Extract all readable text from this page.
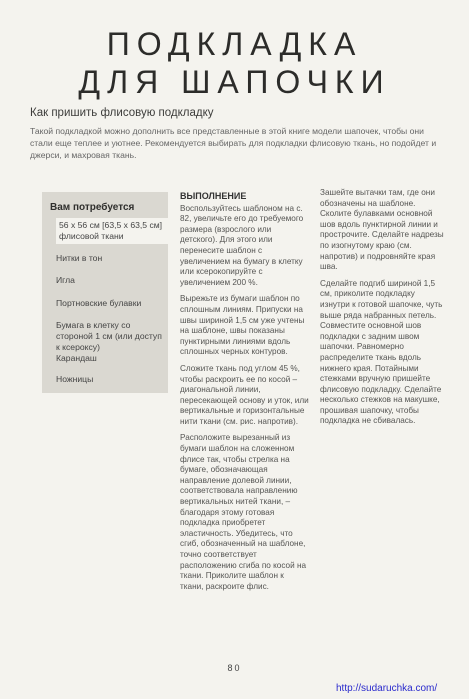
ПОДКЛАДКА
ДЛЯ ШАПОЧКИ
Как пришить флисовую подкладку
Такой подкладкой можно дополнить все представленные в этой книге модели шапочек, чтобы они стали еще теплее и уютнее. Рекомендуется выбирать для подкладки флисовую ткань, но подойдет и джерси, и махровая ткань.
Вам потребуется
56 x 56 см [63,5 x 63,5 см] флисовой ткани
Нитки в тон
Игла
Портновские булавки
Бумага в клетку со стороной 1 см (или доступ к ксероксу)
Карандаш
Ножницы
ВЫПОЛНЕНИЕ

Воспользуйтесь шаблоном на с. 82, увеличьте его до требуемого размера (взрослого или детского). Для этого или перенесите шаблон с увеличением на бумагу в клетку или ксерокопируйте с увеличением 200 %.

Вырежьте из бумаги шаблон по сплошным линиям. Припуски на швы шириной 1,5 см уже учтены на шаблоне, швы показаны пунктирными линиями вдоль сплошных черных контуров.

Сложите ткань под углом 45 %, чтобы раскроить ее по косой – диагональной линии, пересекающей основу и уток, или вертикальные и горизонтальные нити ткани (см. рис. напротив).

Расположите вырезанный из бумаги шаблон на сложенном флисе так, чтобы стрелка на бумаге, обозначающая направление долевой линии, соответствовала направлению вертикальных нитей ткани, – благодаря этому готовая подкладка приобретет эластичность. Убедитесь, что сгиб, обозначенный на шаблоне, точно соответствует расположению сгиба по косой на ткани. Приколите шаблон к ткани, раскроите флис.

Зашейте вытачки там, где они обозначены на шаблоне. Сколите булавками основной шов вдоль пунктирной линии и прострочите. Сделайте надрезы по изогнутому краю (см. напротив) и подровняйте края шва.

Сделайте подгиб шириной 1,5 см, приколите подкладку изнутри к готовой шапочке, чуть выше ряда набранных петель. Совместите основной шов подкладки с задним швом шапочки. Равномерно распределите ткань вдоль нижнего края. Потайными стежками вручную пришейте флисовую подкладку. Сделайте несколько стежков на макушке, прошивая шапочку, чтобы подкладка не сбивалась.

80
http://sudaruchka.com/
